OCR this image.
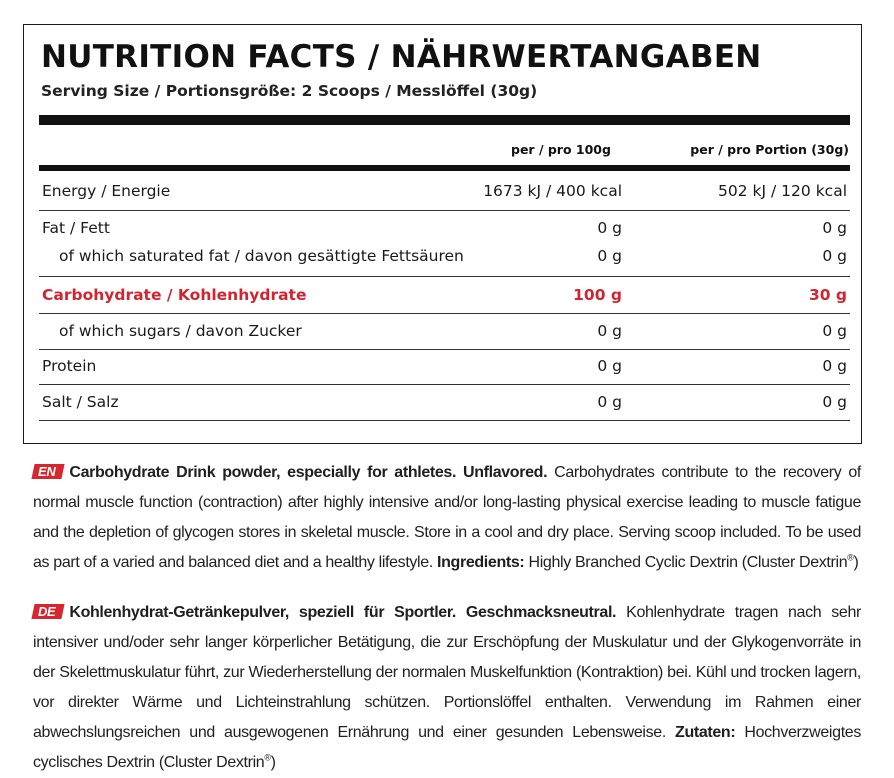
NUTRITION FACTS / NÄHRWERTANGABEN
Serving Size / Portionsgröße: 2 Scoops / Messlöffel (30g)
per / pro 100g	per / pro Portion (30g)
Energy / Energie	1673 kJ / 400 kcal	502 kJ / 120 kcal
Fat / Fett	0 g	0 g
of which saturated fat / davon gesättigte Fettsäuren	0 g	0 g
Carbohydrate / Kohlenhydrate	100 g	30 g
of which sugars / davon Zucker	0 g	0 g
Protein	0 g	0 g
Salt / Salz	0 g	0 g
EN Carbohydrate Drink powder, especially for athletes. Unflavored. Carbohydrates contribute to the recovery of normal muscle function (contraction) after highly intensive and/or long-lasting physical exercise leading to muscle fatigue and the depletion of glycogen stores in skeletal muscle. Store in a cool and dry place. Serving scoop included. To be used as part of a varied and balanced diet and a healthy lifestyle. Ingredients: Highly Branched Cyclic Dextrin (Cluster Dextrin®)
DE Kohlenhydrat-Getränkepulver, speziell für Sportler. Geschmacksneutral. Kohlenhydrate tragen nach sehr intensiver und/oder sehr langer körperlicher Betätigung, die zur Erschöpfung der Muskulatur und der Glykogenvorräte in der Skelettmuskulatur führt, zur Wiederherstellung der normalen Muskelfunktion (Kontraktion) bei. Kühl und trocken lagern, vor direkter Wärme und Lichteinstrahlung schützen. Portionslöffel enthalten. Verwendung im Rahmen einer abwechslungsreichen und ausgewogenen Ernährung und einer gesunden Lebensweise. Zutaten: Hochverzweigtes cyclisches Dextrin (Cluster Dextrin®)
